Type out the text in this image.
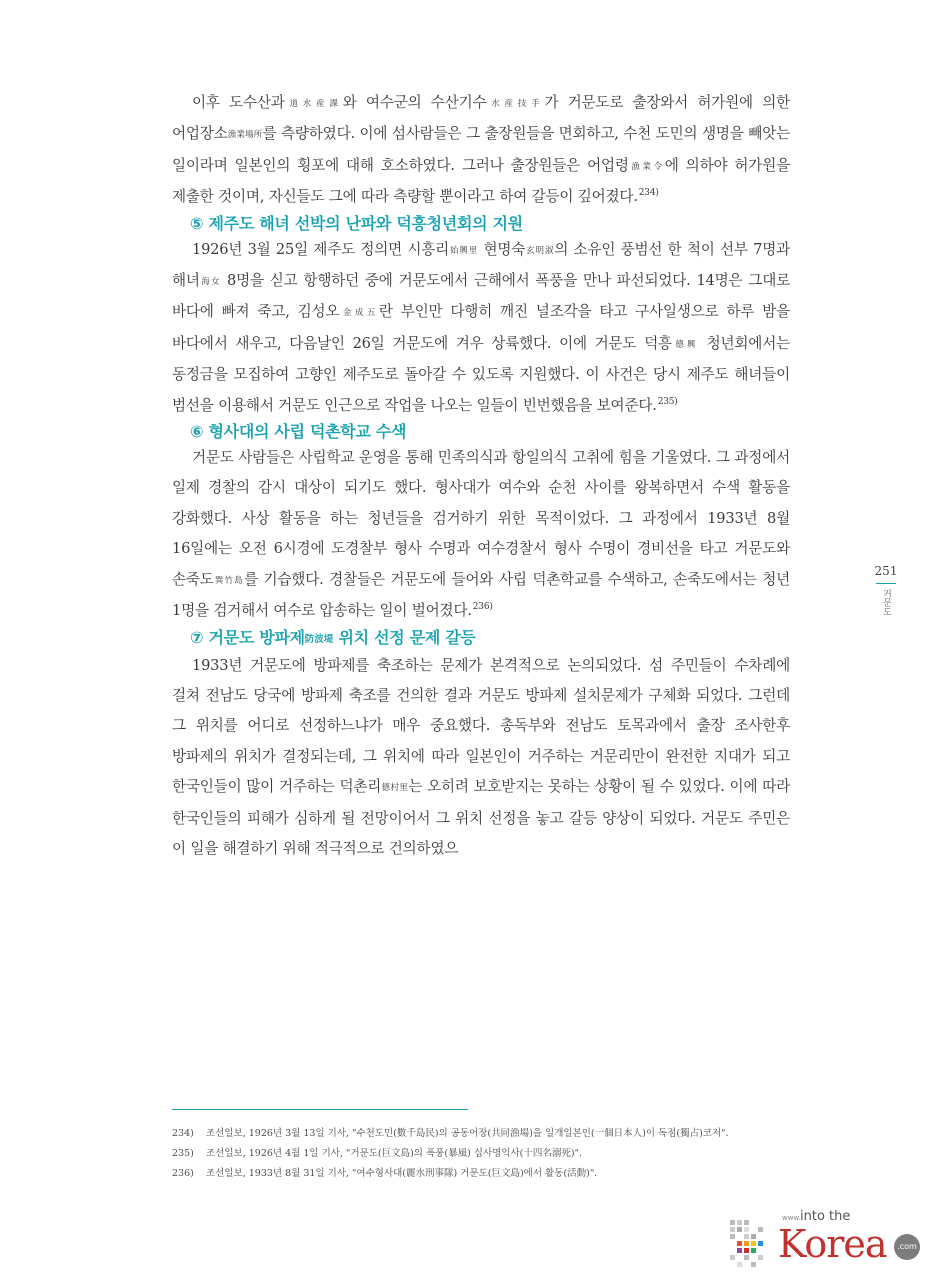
이후 도수산과道水産課와 여수군의 수산기수水産技手가 거문도로 출장와서 허가원에 의한 어업장소漁業場所를 측량하였다. 이에 섬사람들은 그 출장원들을 면회하고, 수천 도민의 생명을 빼앗는 일이라며 일본인의 횡포에 대해 호소하였다. 그러나 출장원들은 어업령漁業令에 의하야 허가원을 제출한 것이며, 자신들도 그에 따라 측량할 뿐이라고 하여 갈등이 깊어졌다.$^{234)}$

⑤ 제주도 해녀 선박의 난파와 덕흥청년회의 지원

1926년 3월 25일 제주도 정의면 시흥리始興里 현명숙玄明淑의 소유인 풍범선 한 척이 선부 7명과 해녀海女 8명을 싣고 항행하던 중에 거문도에서 근해에서 폭풍을 만나 파선되었다. 14명은 그대로 바다에 빠져 죽고, 김성오金成五란 부인만 다행히 깨진 널조각을 타고 구사일생으로 하루 밤을 바다에서 새우고, 다음날인 26일 거문도에 겨우 상륙했다. 이에 거문도 덕흥德興 청년회에서는 동정금을 모집하여 고향인 제주도로 돌아갈 수 있도록 지원했다. 이 사건은 당시 제주도 해녀들이 범선을 이용해서 거문도 인근으로 작업을 나오는 일들이 빈번했음을 보여준다.$^{235)}$

⑥ 형사대의 사립 덕촌학교 수색

거문도 사람들은 사립학교 운영을 통해 민족의식과 항일의식 고취에 힘을 기울였다. 그 과정에서 일제 경찰의 감시 대상이 되기도 했다. 형사대가 여수와 순천 사이를 왕복하면서 수색 활동을 강화했다. 사상 활동을 하는 청년들을 검거하기 위한 목적이었다. 그 과정에서 1933년 8월 16일에는 오전 6시경에 도경찰부 형사 수명과 여수경찰서 형사 수명이 경비선을 타고 거문도와 손죽도巽竹島를 기습했다. 경찰들은 거문도에 들어와 사립 덕촌학교를 수색하고, 손죽도에서는 청년 1명을 검거해서 여수로 압송하는 일이 벌어졌다.$^{236)}$

⑦ 거문도 방파제防波堤 위치 선정 문제 갈등

1933년 거문도에 방파제를 축조하는 문제가 본격적으로 논의되었다. 섬 주민들이 수차례에 걸쳐 전남도 당국에 방파제 축조를 건의한 결과 거문도 방파제 설치문제가 구체화 되었다. 그런데 그 위치를 어디로 선정하느냐가 매우 중요했다. 총독부와 전남도 토목과에서 출장 조사한후 방파제의 위치가 결정되는데, 그 위치에 따라 일본인이 거주하는 거문리만이 완전한 지대가 되고 한국인들이 많이 거주하는 덕촌리德村里는 오히려 보호받지는 못하는 상황이 될 수 있었다. 이에 따라 한국인들의 피해가 심하게 될 전망이어서 그 위치 선정을 놓고 갈등 양상이 되었다. 거문도 주민은 이 일을 해결하기 위해 적극적으로 건의하였으

234) 조선일보, 1926년 3월 13일 기사, "수천도민(數千島民)의 공동어장(共同漁場)을 일개일본인(一個日本人)이 독점(獨占)코저".
235) 조선일보, 1926년 4월 1일 기사, "거문도(巨文島)의 폭풍(暴風) 십사명익사(十四名溺死)".
236) 조선일보, 1933년 8월 31일 기사, "여수형사대(麗水刑事隊) 거문도(巨文島)에서 활동(活動)".
251
거문도
www. into the
Korea	.com
